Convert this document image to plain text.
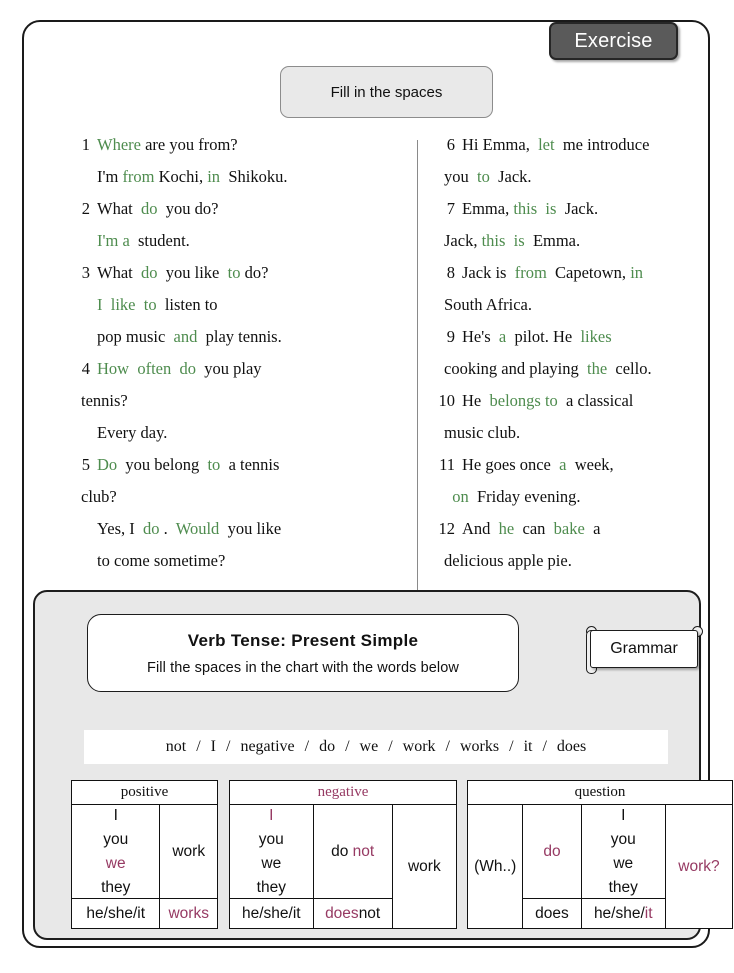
Fill in the spaces
1 Where are you from?
I'm from Kochi, in  Shikoku.
2 What  do  you do?
I'm a  student.
3 What  do  you like  to do?
I like to  listen to
pop music  and  play tennis.
4 How often do  you play
tennis?
Every day.
5 Do  you belong  to  a tennis
club?
Yes, I  do .  Would  you like
to come sometime?
6 Hi Emma,  let  me introduce
you  to  Jack.
7 Emma, this is  Jack.
Jack, this is  Emma.
8 Jack is  from  Capetown, in
South Africa.
9 He's  a  pilot. He  likes
cooking and playing  the  cello.
10 He  belongs to  a classical
music club.
11 He goes once  a  week,
on  Friday evening.
12 And  he  can  bake  a
delicious apple pie.
Verb Tense: Present Simple
Fill the spaces in the chart with the words below
Grammar
not / I / negative / do / we / work / works / it / does
positive
I
you
we
they
he/she/it
work
works
negative
I
you
we
they
he/she/it
do not
does not
work
question
(Wh..)
do
does
I
you
we
they
he/she/ it
work?
Exercise
